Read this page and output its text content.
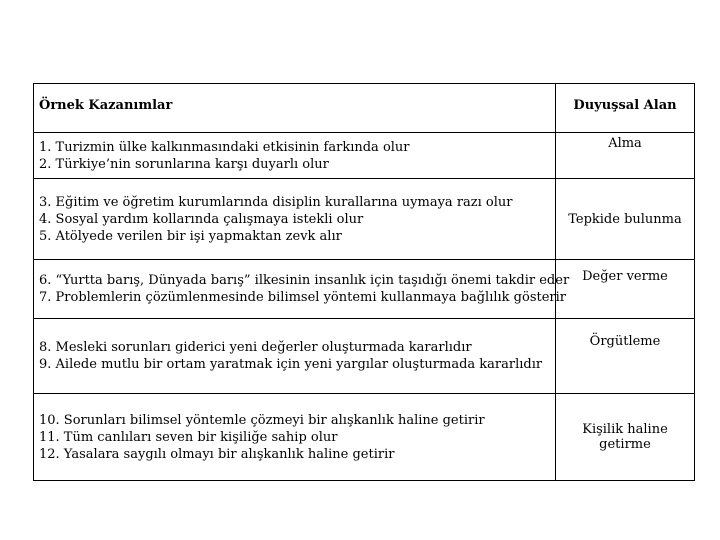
Örnek Kazanımlar	Duyuşsal Alan

1. Turizmin ülke kalkınmasındaki etkisinin farkında olur
2. Türkiye’nin sorunlarına karşı duyarlı olur	Alma

3. Eğitim ve öğretim kurumlarında disiplin kurallarına uymaya razı olur
4. Sosyal yardım kollarında çalışmaya istekli olur
5. Atölyede verilen bir işi yapmaktan zevk alır	Tepkide bulunma

6. “Yurtta barış, Dünyada barış” ilkesinin insanlık için taşıdığı önemi takdir eder
7. Problemlerin çözümlenmesinde bilimsel yöntemi kullanmaya bağlılık gösterir	Değer verme

8. Mesleki sorunları giderici yeni değerler oluşturmada kararlıdır
9. Ailede mutlu bir ortam yaratmak için yeni yargılar oluşturmada kararlıdır	Örgütleme

10. Sorunları bilimsel yöntemle çözmeyi bir alışkanlık haline getirir
11. Tüm canlıları seven bir kişiliğe sahip olur
12. Yasalara saygılı olmayı bir alışkanlık haline getirir	Kişilik haline getirme
